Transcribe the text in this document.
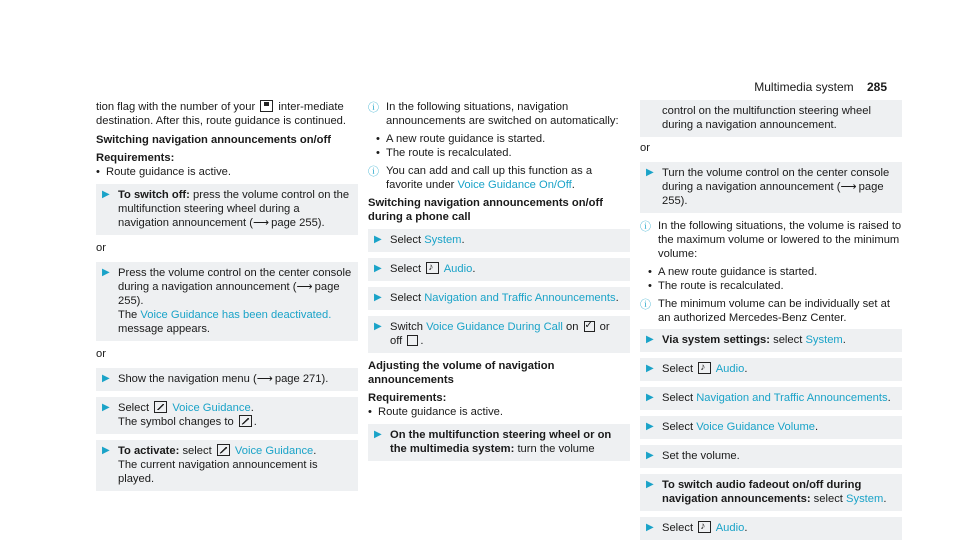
Multimedia system 285

tion flag with the number of your inter-mediate destination. After this, route guidance is continued.

Switching navigation announcements on/off

Requirements:

• Route guidance is active.

▶ To switch off: press the volume control on the multifunction steering wheel during a navigation announcement (⟶ page 255).

or

▶ Press the volume control on the center console during a navigation announcement (⟶ page 255).
The Voice Guidance has been deactivated. message appears.

or

▶ Show the navigation menu (⟶ page 271).
▶ Select Voice Guidance.
The symbol changes to .
▶ To activate: select Voice Guidance.
The current navigation announcement is played.
ⓘ In the following situations, navigation announcements are switched on automatically:

• A new route guidance is started.

• The route is recalculated.

ⓘ You can add and call up this function as a favorite under Voice Guidance On/Off.

Switching navigation announcements on/off during a phone call

▶ Select System.
▶ Select ♪ Audio.
▶ Select Navigation and Traffic Announcements.
▶ Switch Voice Guidance During Call on ✓ or
off .

Adjusting the volume of navigation announcements

Requirements:

• Route guidance is active.

▶ On the multifunction steering wheel or on the multimedia system: turn the volume
control on the multifunction steering wheel during a navigation announcement.

or

▶ Turn the volume control on the center console during a navigation announcement (⟶ page 255).
ⓘ In the following situations, the volume is raised to the maximum volume or lowered to the minimum volume:

• A new route guidance is started.

• The route is recalculated.

ⓘ The minimum volume can be individually set at an authorized Mercedes-Benz Center.
▶ Via system settings: select System.
▶ Select ♪ Audio.
▶ Select Navigation and Traffic Announcements.
▶ Select Voice Guidance Volume.
▶ Set the volume.
▶ To switch audio fadeout on/off during navigation announcements: select System.
▶ Select ♪ Audio.
